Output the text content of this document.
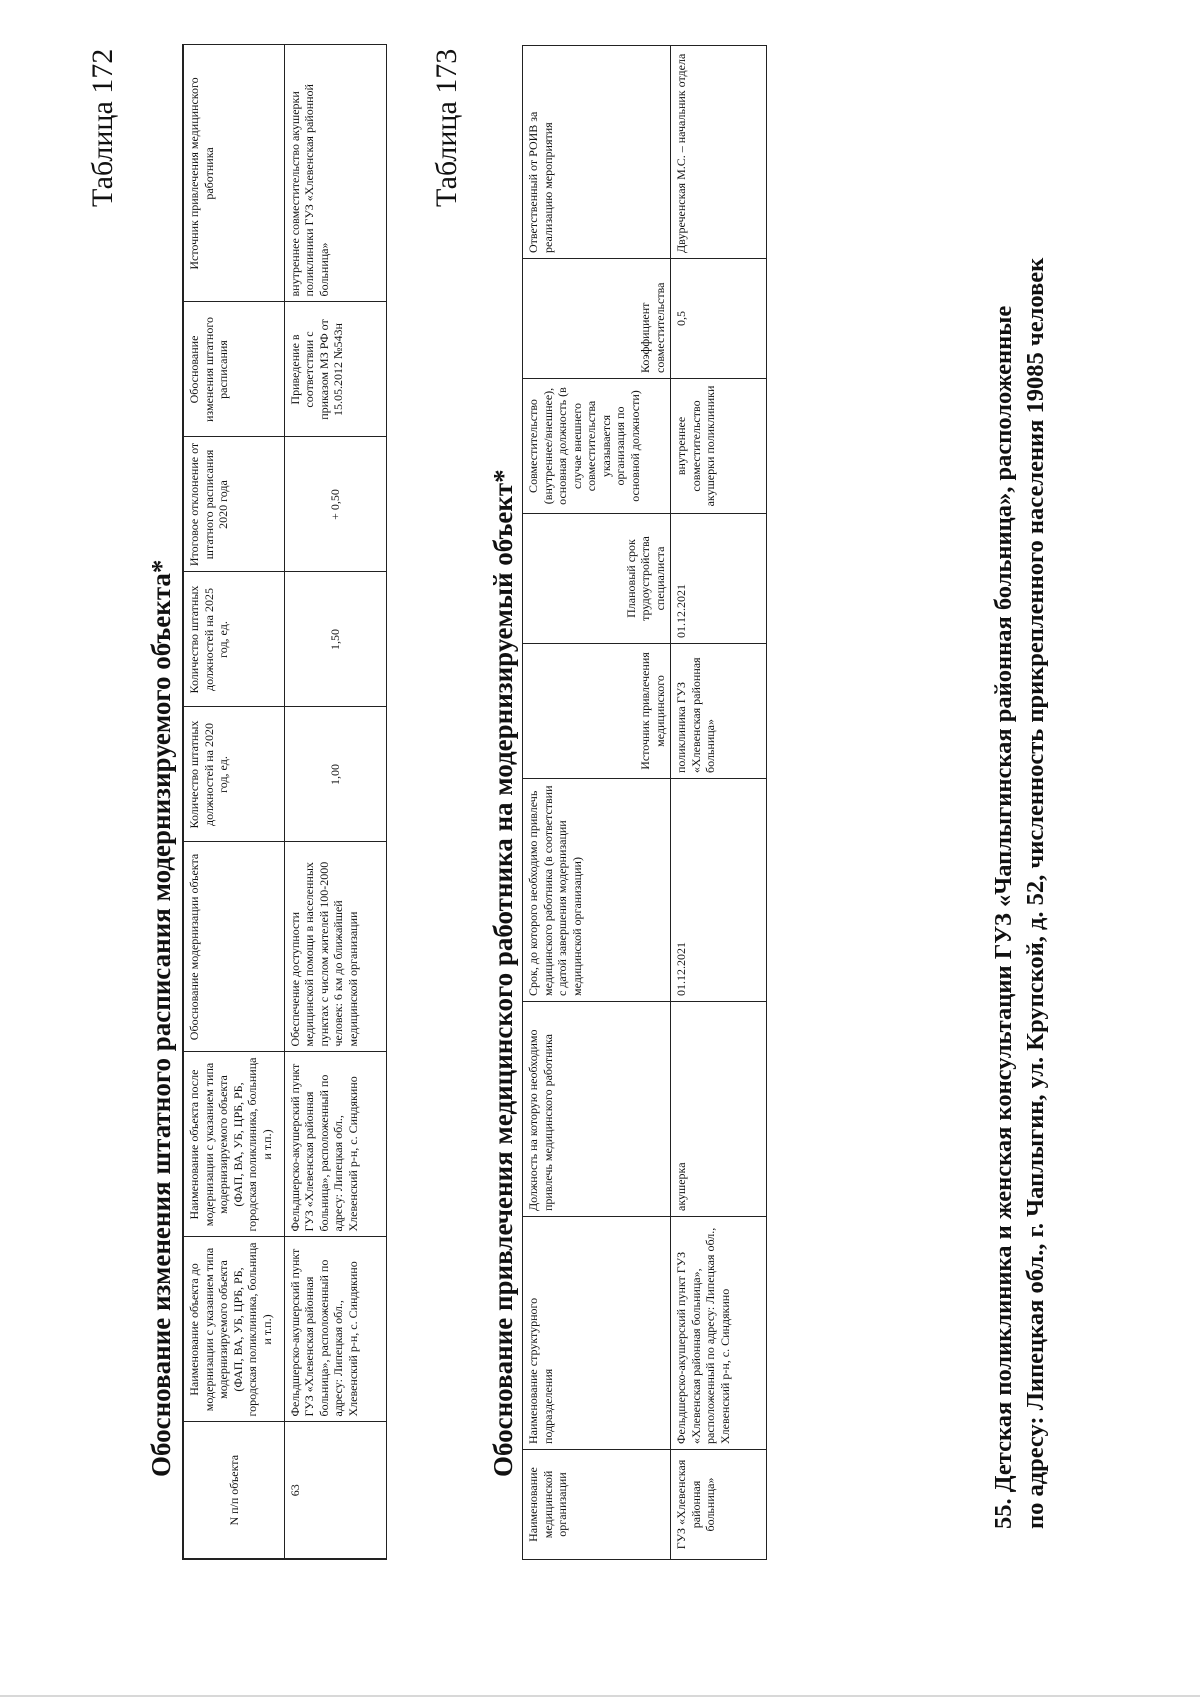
Таблица 172
Обоснование изменения штатного расписания модернизируемого объекта*
N п/п объекта	Наименование объекта до модернизации с указанием типа модернизируемого объекта (ФАП, ВА, УБ, ЦРБ, РБ, городская поликлиника, больница и т.п.)	Наименование объекта после модернизации с указанием типа модернизируемого объекта (ФАП, ВА, УБ, ЦРБ, РБ, городская поликлиника, больница и т.п.)	Обоснование модернизации объекта	Количество штатных должностей на 2020 год, ед.	Количество штатных должностей на 2025 год, ед.	Итоговое отклонение от штатного расписания 2020 года	Обоснование изменения штатного расписания	Источник привлечения медицинского работника
63	Фельдшерско-акушерский пункт ГУЗ «Хлевенская районная больница», расположенный по адресу: Липецкая обл., Хлевенский р-н, с. Синдякино	Фельдшерско-акушерский пункт ГУЗ «Хлевенская районная больница», расположенный по адресу: Липецкая обл., Хлевенский р-н, с. Синдякино	Обеспечение доступности медицинской помощи в населенных пунктах с числом жителей 100-2000 человек: 6 км до ближайшей медицинской организации	1,00	1,50	+ 0,50	Приведение в соответствии с приказом МЗ РФ от 15.05.2012 №543н	внутреннее совместительство акушерки поликлиники ГУЗ «Хлевенская районной больница»
Таблица 173
Обоснование привлечения медицинского работника на модернизируемый объект*
Наименование медицинской организации	Наименование структурного подразделения	Должность на которую необходимо привлечь медицинского работника	Срок, до которого необходимо привлечь медицинского работника (в соответствии с датой завершения модернизации медицинской организации)	Источник привлечения медицинского	Плановый срок трудоустройства специалиста	Совместительство (внутреннее/внешнее), основная должность (в случае внешнего совместительства указывается организация по основной должности)	Коэффициент совместительства	Ответственный от РОИВ за реализацию мероприятия
ГУЗ «Хлевенская районная больница»	Фельдшерско-акушерский пункт ГУЗ «Хлевенская районная больница», расположенный по адресу: Липецкая обл., Хлевенский р-н, с. Синдякино	акушерка	01.12.2021	поликлиника ГУЗ «Хлевенская районная больница»	01.12.2021	внутреннее совместительство акушерки поликлиники	0,5	Двуреченская М.С. – начальник отдела
55. Детская поликлиника и женская консультации ГУЗ «Чаплыгинская районная больница», расположенные по адресу: Липецкая обл., г. Чаплыгин, ул. Крупской, д. 52, численность прикрепленного населения 19085 человек
